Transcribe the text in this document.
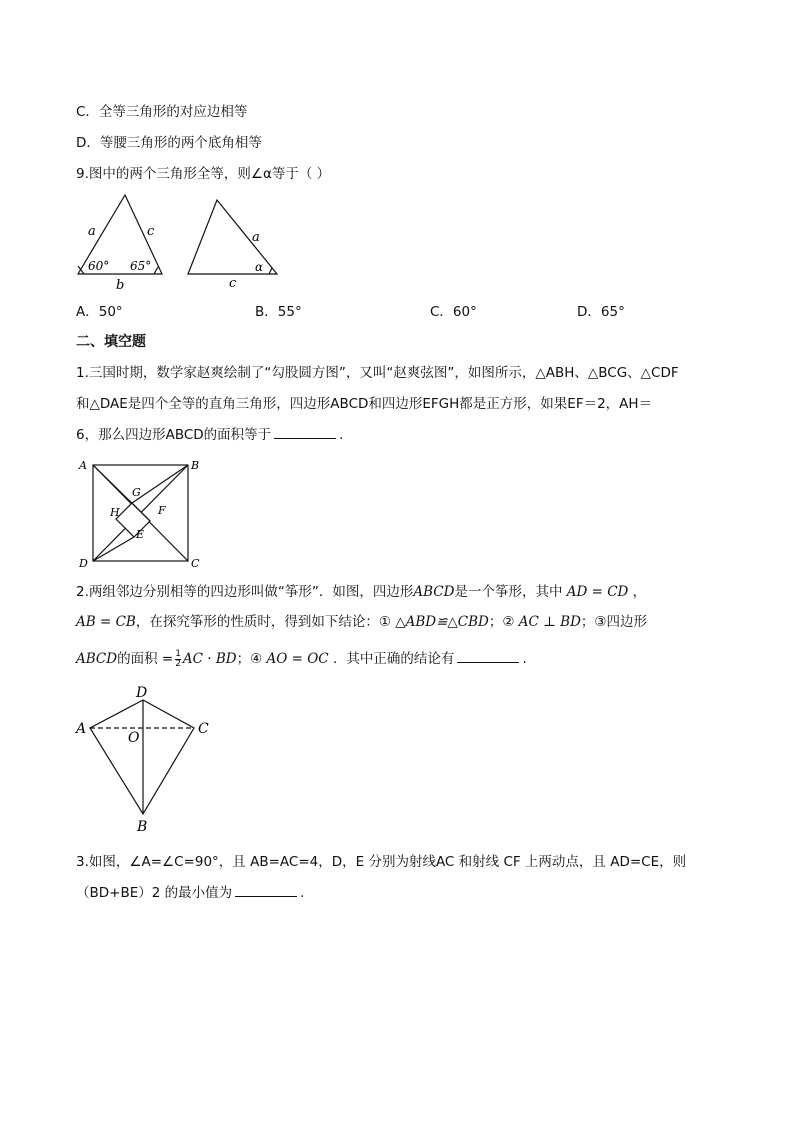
C．全等三角形的对应边相等
D．等腰三角形的两个底角相等
9.图中的两个三角形全等，则∠α等于（ ）
a	c
b
60° 65°
a
c
α
A．50°	B．55°	C．60°	D．65°
二、填空题
1.三国时期，数学家赵爽绘制了“勾股圆方图”，又叫“赵爽弦图”，如图所示，△ABH、△BCG、△CDF
和△DAE是四个全等的直角三角形，四边形ABCD和四边形EFGH都是正方形，如果EF＝2，AH＝
6，那么四边形ABCD的面积等于	.
A	B
C
D
G
H	F
E
2.两组邻边分别相等的四边形叫做“筝形”．如图，四边形ABCD是一个筝形，其中 AD = CD ，
AB = CB，在探究筝形的性质时，得到如下结论：① △ABD≌△CBD；② AC ⊥ BD；③四边形
ABCD的面积 = $\frac{1}{2}$ AC · BD；④ AO = OC ．其中正确的结论有	.
D
A	C
O
B
3.如图，∠A=∠C=90°，且 AB=AC=4，D，E 分别为射线AC 和射线 CF 上两动点，且 AD=CE，则
（BD+BE）2 的最小值为	.
